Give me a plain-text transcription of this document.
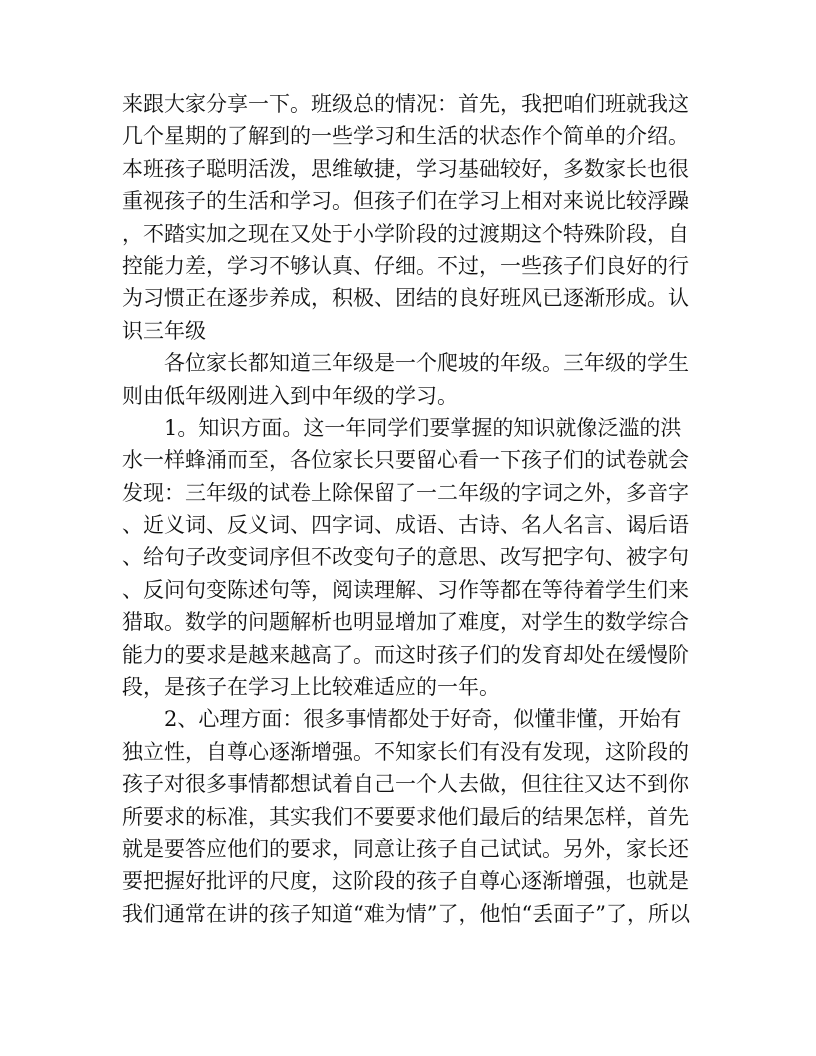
来跟大家分享一下。班级总的情况：首先，我把咱们班就我这
几个星期的了解到的一些学习和生活的状态作个简单的介绍。
本班孩子聪明活泼，思维敏捷，学习基础较好，多数家长也很
重视孩子的生活和学习。但孩子们在学习上相对来说比较浮躁
，不踏实加之现在又处于小学阶段的过渡期这个特殊阶段，自
控能力差，学习不够认真、仔细。不过，一些孩子们良好的行
为习惯正在逐步养成，积极、团结的良好班风已逐渐形成。认
识三年级
各位家长都知道三年级是一个爬坡的年级。三年级的学生
则由低年级刚进入到中年级的学习。
1。知识方面。这一年同学们要掌握的知识就像泛滥的洪
水一样蜂涌而至，各位家长只要留心看一下孩子们的试卷就会
发现：三年级的试卷上除保留了一二年级的字词之外，多音字
、近义词、反义词、四字词、成语、古诗、名人名言、谒后语
、给句子改变词序但不改变句子的意思、改写把字句、被字句
、反问句变陈述句等，阅读理解、习作等都在等待着学生们来
猎取。数学的问题解析也明显增加了难度，对学生的数学综合
能力的要求是越来越高了。而这时孩子们的发育却处在缓慢阶
段，是孩子在学习上比较难适应的一年。
2、心理方面：很多事情都处于好奇，似懂非懂，开始有
独立性，自尊心逐渐增强。不知家长们有没有发现，这阶段的
孩子对很多事情都想试着自己一个人去做，但往往又达不到你
所要求的标准，其实我们不要要求他们最后的结果怎样，首先
就是要答应他们的要求，同意让孩子自己试试。另外，家长还
要把握好批评的尺度，这阶段的孩子自尊心逐渐增强，也就是
我们通常在讲的孩子知道“难为情”了，他怕“丢面子”了，所以
